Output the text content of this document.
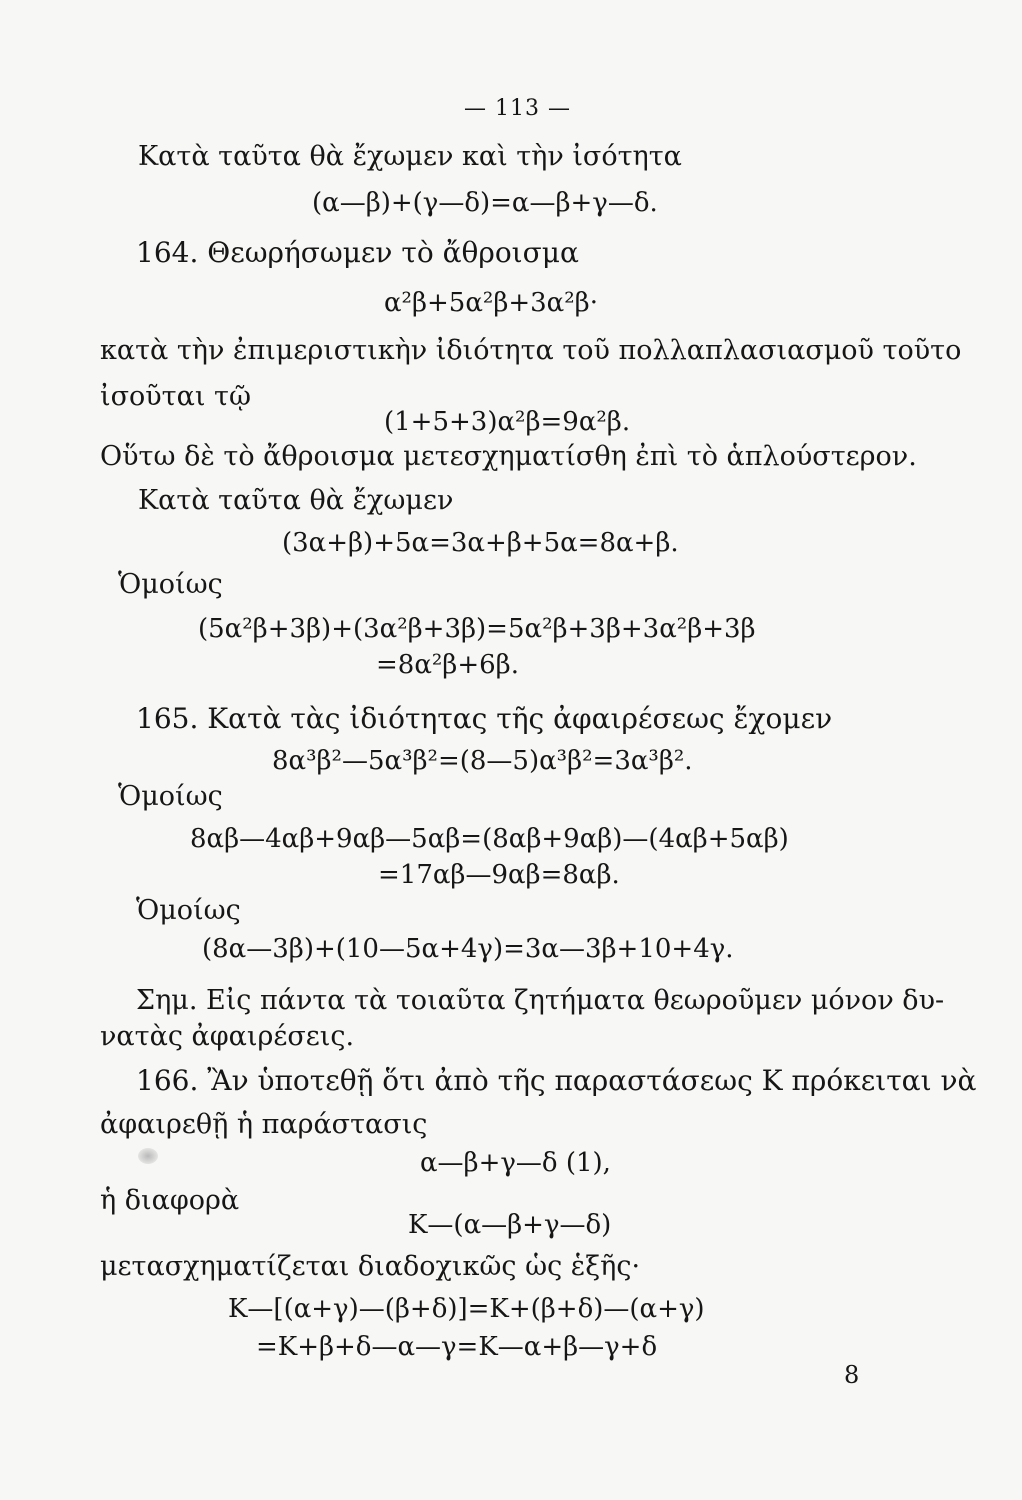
— 113 —
Κατὰ ταῦτα θὰ ἔχωμεν καὶ τὴν ἰσότητα
(α—β)+(γ—δ)=α—β+γ—δ.
164. Θεωρήσωμεν τὸ ἄθροισμα
α²β+5α²β+3α²β·
κατὰ τὴν ἐπιμεριστικὴν ἰδιότητα τοῦ πολλαπλασιασμοῦ τοῦτο
ἰσοῦται τῷ
(1+5+3)α²β=9α²β.
Οὕτω δὲ τὸ ἄθροισμα μετεσχηματίσθη ἐπὶ τὸ ἁπλούστερον.
Κατὰ ταῦτα θὰ ἔχωμεν
(3α+β)+5α=3α+β+5α=8α+β.
Ὁμοίως
(5α²β+3β)+(3α²β+3β)=5α²β+3β+3α²β+3β
=8α²β+6β.
165. Κατὰ τὰς ἰδιότητας τῆς ἀφαιρέσεως ἔχομεν
8α³β²—5α³β²=(8—5)α³β²=3α³β².
Ὁμοίως
8αβ—4αβ+9αβ—5αβ=(8αβ+9αβ)—(4αβ+5αβ)
=17αβ—9αβ=8αβ.
Ὁμοίως
(8α—3β)+(10—5α+4γ)=3α—3β+10+4γ.
Σημ. Εἰς πάντα τὰ τοιαῦτα ζητήματα θεωροῦμεν μόνον δυ-
νατὰς ἀφαιρέσεις.
166. Ἂν ὑποτεθῇ ὅτι ἀπὸ τῆς παραστάσεως Κ πρόκειται νὰ
ἀφαιρεθῇ ἡ παράστασις
α—β+γ—δ (1),
ἡ διαφορὰ
Κ—(α—β+γ—δ)
μετασχηματίζεται διαδοχικῶς ὡς ἑξῆς·
Κ—[(α+γ)—(β+δ)]=Κ+(β+δ)—(α+γ)
=Κ+β+δ—α—γ=Κ—α+β—γ+δ
8
